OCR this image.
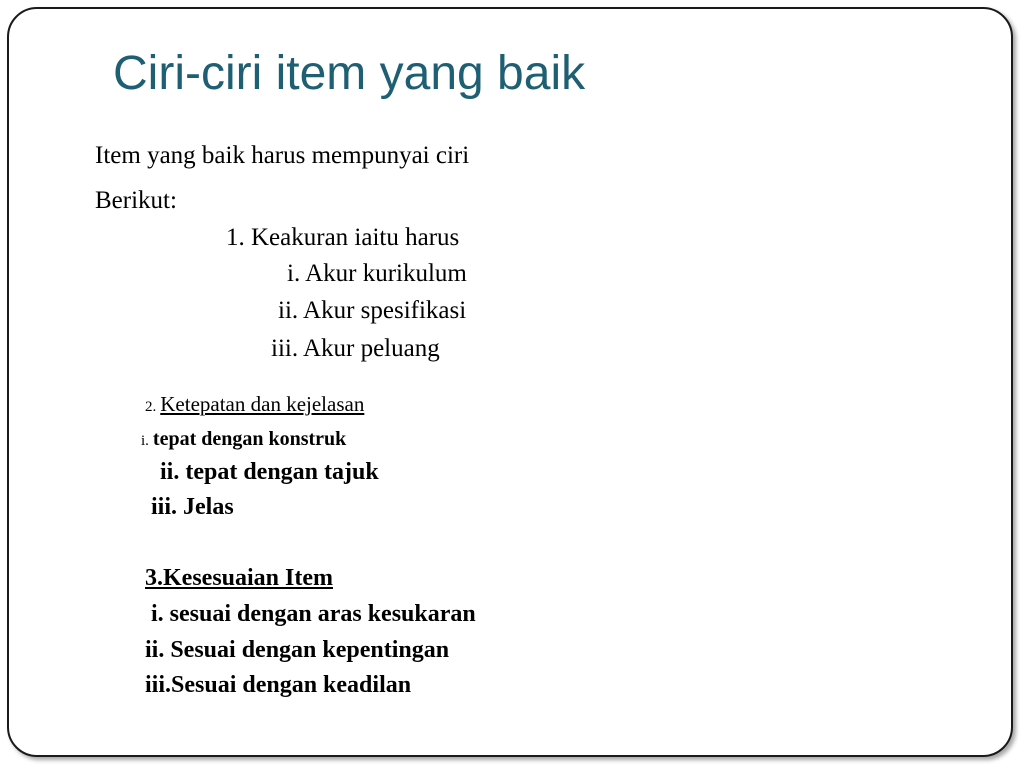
Ciri-ciri item yang baik
Item yang baik harus mempunyai ciri
Berikut:
1. Keakuran iaitu harus
i. Akur kurikulum
ii. Akur spesifikasi
iii. Akur peluang
2. Ketepatan dan kejelasan
i. tepat dengan konstruk
ii. tepat dengan tajuk
iii. Jelas
3.Kesesuaian Item
i. sesuai dengan aras kesukaran
ii. Sesuai dengan kepentingan
iii.Sesuai dengan keadilan
